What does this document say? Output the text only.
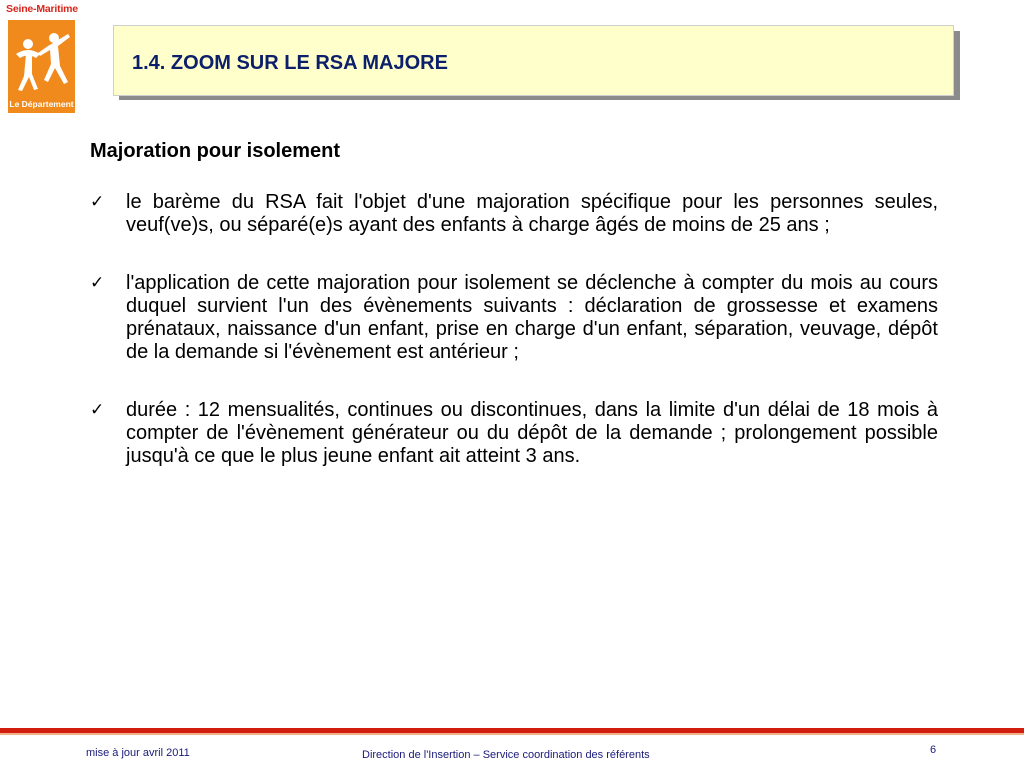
Seine-Maritime
Le Département
1.4. ZOOM SUR LE RSA MAJORE
Majoration pour isolement
✓ le barème du RSA fait l'objet d'une majoration spécifique pour les personnes seules, veuf(ve)s, ou séparé(e)s ayant des enfants à charge âgés de moins de 25 ans ;
✓ l'application de cette majoration pour isolement se déclenche à compter du mois au cours duquel survient l'un des évènements suivants : déclaration de grossesse et examens prénataux, naissance d'un enfant, prise en charge d'un enfant, séparation, veuvage, dépôt de la demande si l'évènement est antérieur ;
✓ durée : 12 mensualités, continues ou discontinues, dans la limite d'un délai de 18 mois à compter de l'évènement générateur ou du dépôt de la demande ; prolongement possible jusqu'à ce que le plus jeune enfant ait atteint 3 ans.
mise à jour avril 2011	Direction de l'Insertion – Service coordination des référents	6
